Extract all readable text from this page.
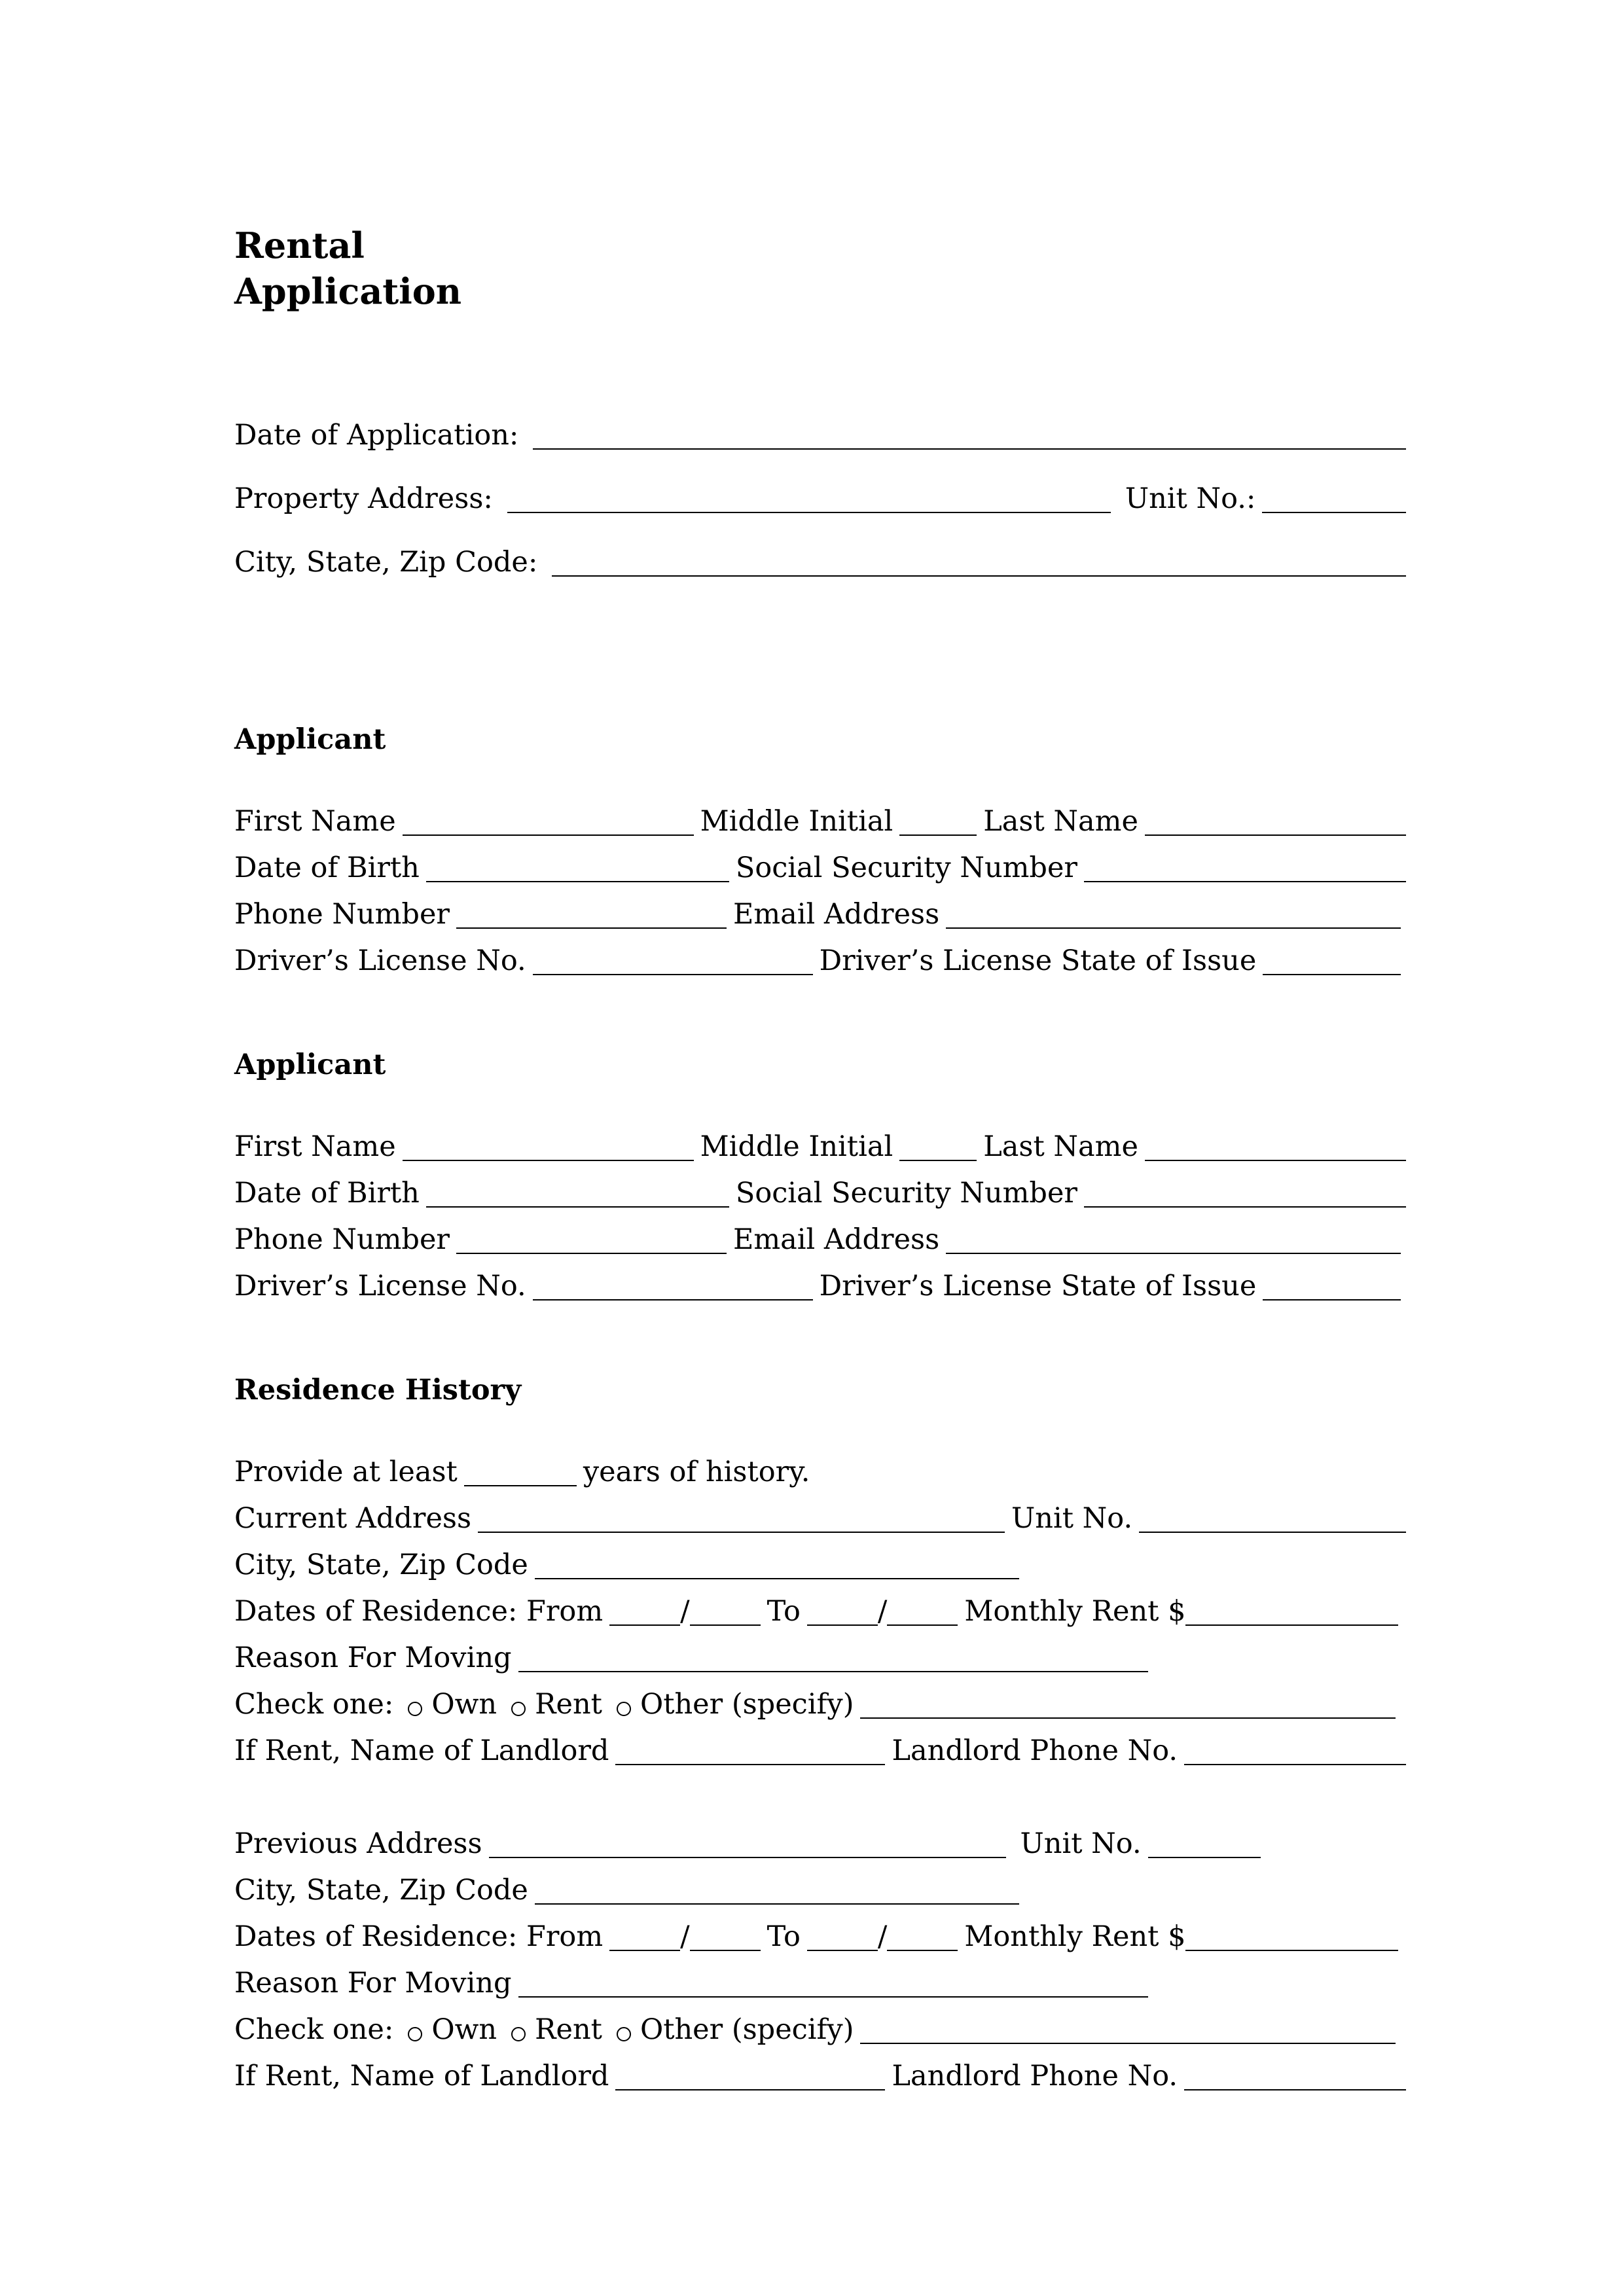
Rental
Application
Date of Application:
Property Address:	Unit No.:
City, State, Zip Code:
Applicant
First Name	Middle Initial	Last Name
Date of Birth	Social Security Number
Phone Number	Email Address
Driver’s License No.	Driver’s License State of Issue
Applicant
First Name	Middle Initial	Last Name
Date of Birth	Social Security Number
Phone Number	Email Address
Driver’s License No.	Driver’s License State of Issue
Residence History
Provide at least	years of history.
Current Address	Unit No.
City, State, Zip Code
Dates of Residence: From	/	To	/	Monthly Rent $
Reason For Moving
Check one: Own Rent Other (specify)
If Rent, Name of Landlord	Landlord Phone No.
Previous Address	Unit No.
City, State, Zip Code
Dates of Residence: From	/	To	/	Monthly Rent $
Reason For Moving
Check one: Own Rent Other (specify)
If Rent, Name of Landlord	Landlord Phone No.
